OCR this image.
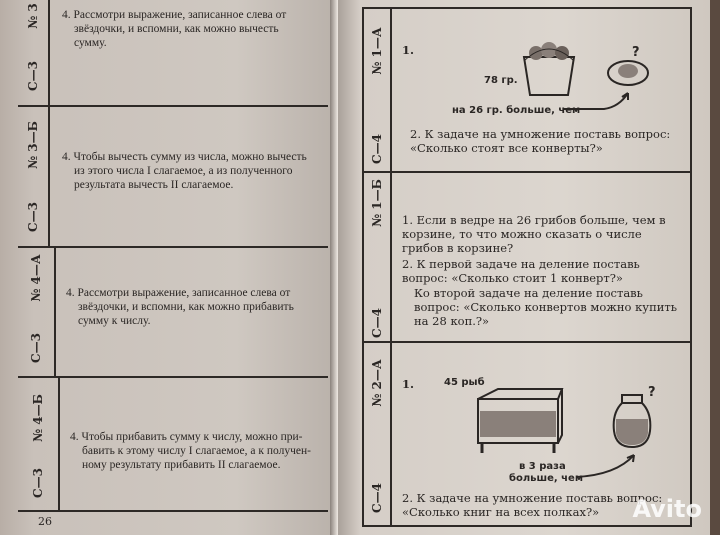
№ 3
С—3
4. Рассмотри выражение, записанное слева от
звёздочки, и вспомни, как можно вычесть
сумму.
№ 3—Б
С—3
4. Чтобы вычесть сумму из числа, можно вычесть
из этого числа I слагаемое, а из полученного
результата вычесть II слагаемое.
№ 4—А
С—3
4. Рассмотри выражение, записанное слева от
звёздочки, и вспомни, как можно прибавить
сумму к числу.
№ 4—Б
С—3
4. Чтобы прибавить сумму к числу, можно при-
бавить к этому числу I слагаемое, а к получен-
ному результату прибавить II слагаемое.
26
№ 1—А
С—4
1.
78 гр.
?
на 26 гр. больше, чем
2. К задаче на умножение поставь вопрос: «Сколько стоят все конверты?»
№ 1—Б
С—4
1. Если в ведре на 26 грибов больше, чем в корзине, то что можно сказать о числе грибов в корзине?
2. К первой задаче на деление поставь вопрос: «Сколько стоит 1 конверт?»
Ко второй задаче на деление поставь вопрос: «Сколько конвертов можно купить на 28 коп.?»
№ 2—А
С—4
1.	45 рыб
?
в 3 раза
больше, чем
2. К задаче на умножение поставь вопрос: «Сколько книг на всех полках?»	Avito
